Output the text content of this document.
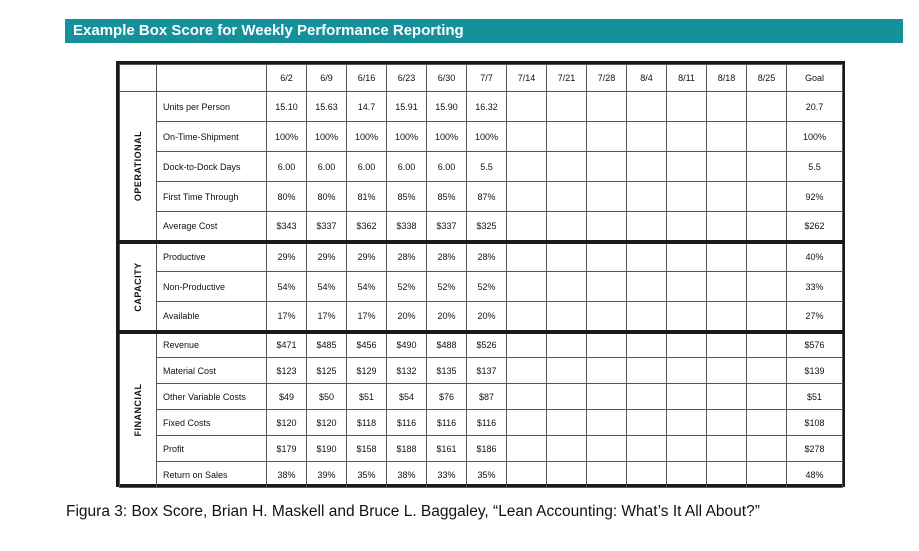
Example Box Score for Weekly Performance Reporting
		6/2	6/9	6/16	6/23	6/30	7/7	7/14	7/21	7/28	8/4	8/11	8/18	8/25	Goal

OPERATIONAL	Units per Person	15.10	15.63	14.7	15.91	15.90	16.32								20.7
	On-Time-Shipment	100%	100%	100%	100%	100%	100%								100%
	Dock-to-Dock Days	6.00	6.00	6.00	6.00	6.00	5.5								5.5
	First Time Through	80%	80%	81%	85%	85%	87%								92%
	Average Cost	$343	$337	$362	$338	$337	$325								$262

CAPACITY	Productive	29%	29%	29%	28%	28%	28%								40%
	Non-Productive	54%	54%	54%	52%	52%	52%								33%
	Available	17%	17%	17%	20%	20%	20%								27%

FINANCIAL	Revenue	$471	$485	$456	$490	$488	$526								$576
	Material Cost	$123	$125	$129	$132	$135	$137								$139
	Other Variable Costs	$49	$50	$51	$54	$76	$87								$51
	Fixed Costs	$120	$120	$118	$116	$116	$116								$108
	Profit	$179	$190	$158	$188	$161	$186								$278
	Return on Sales	38%	39%	35%	38%	33%	35%								48%
Figura 3: Box Score, Brian H. Maskell and Bruce L. Baggaley, “Lean Accounting: What’s It All About?”
